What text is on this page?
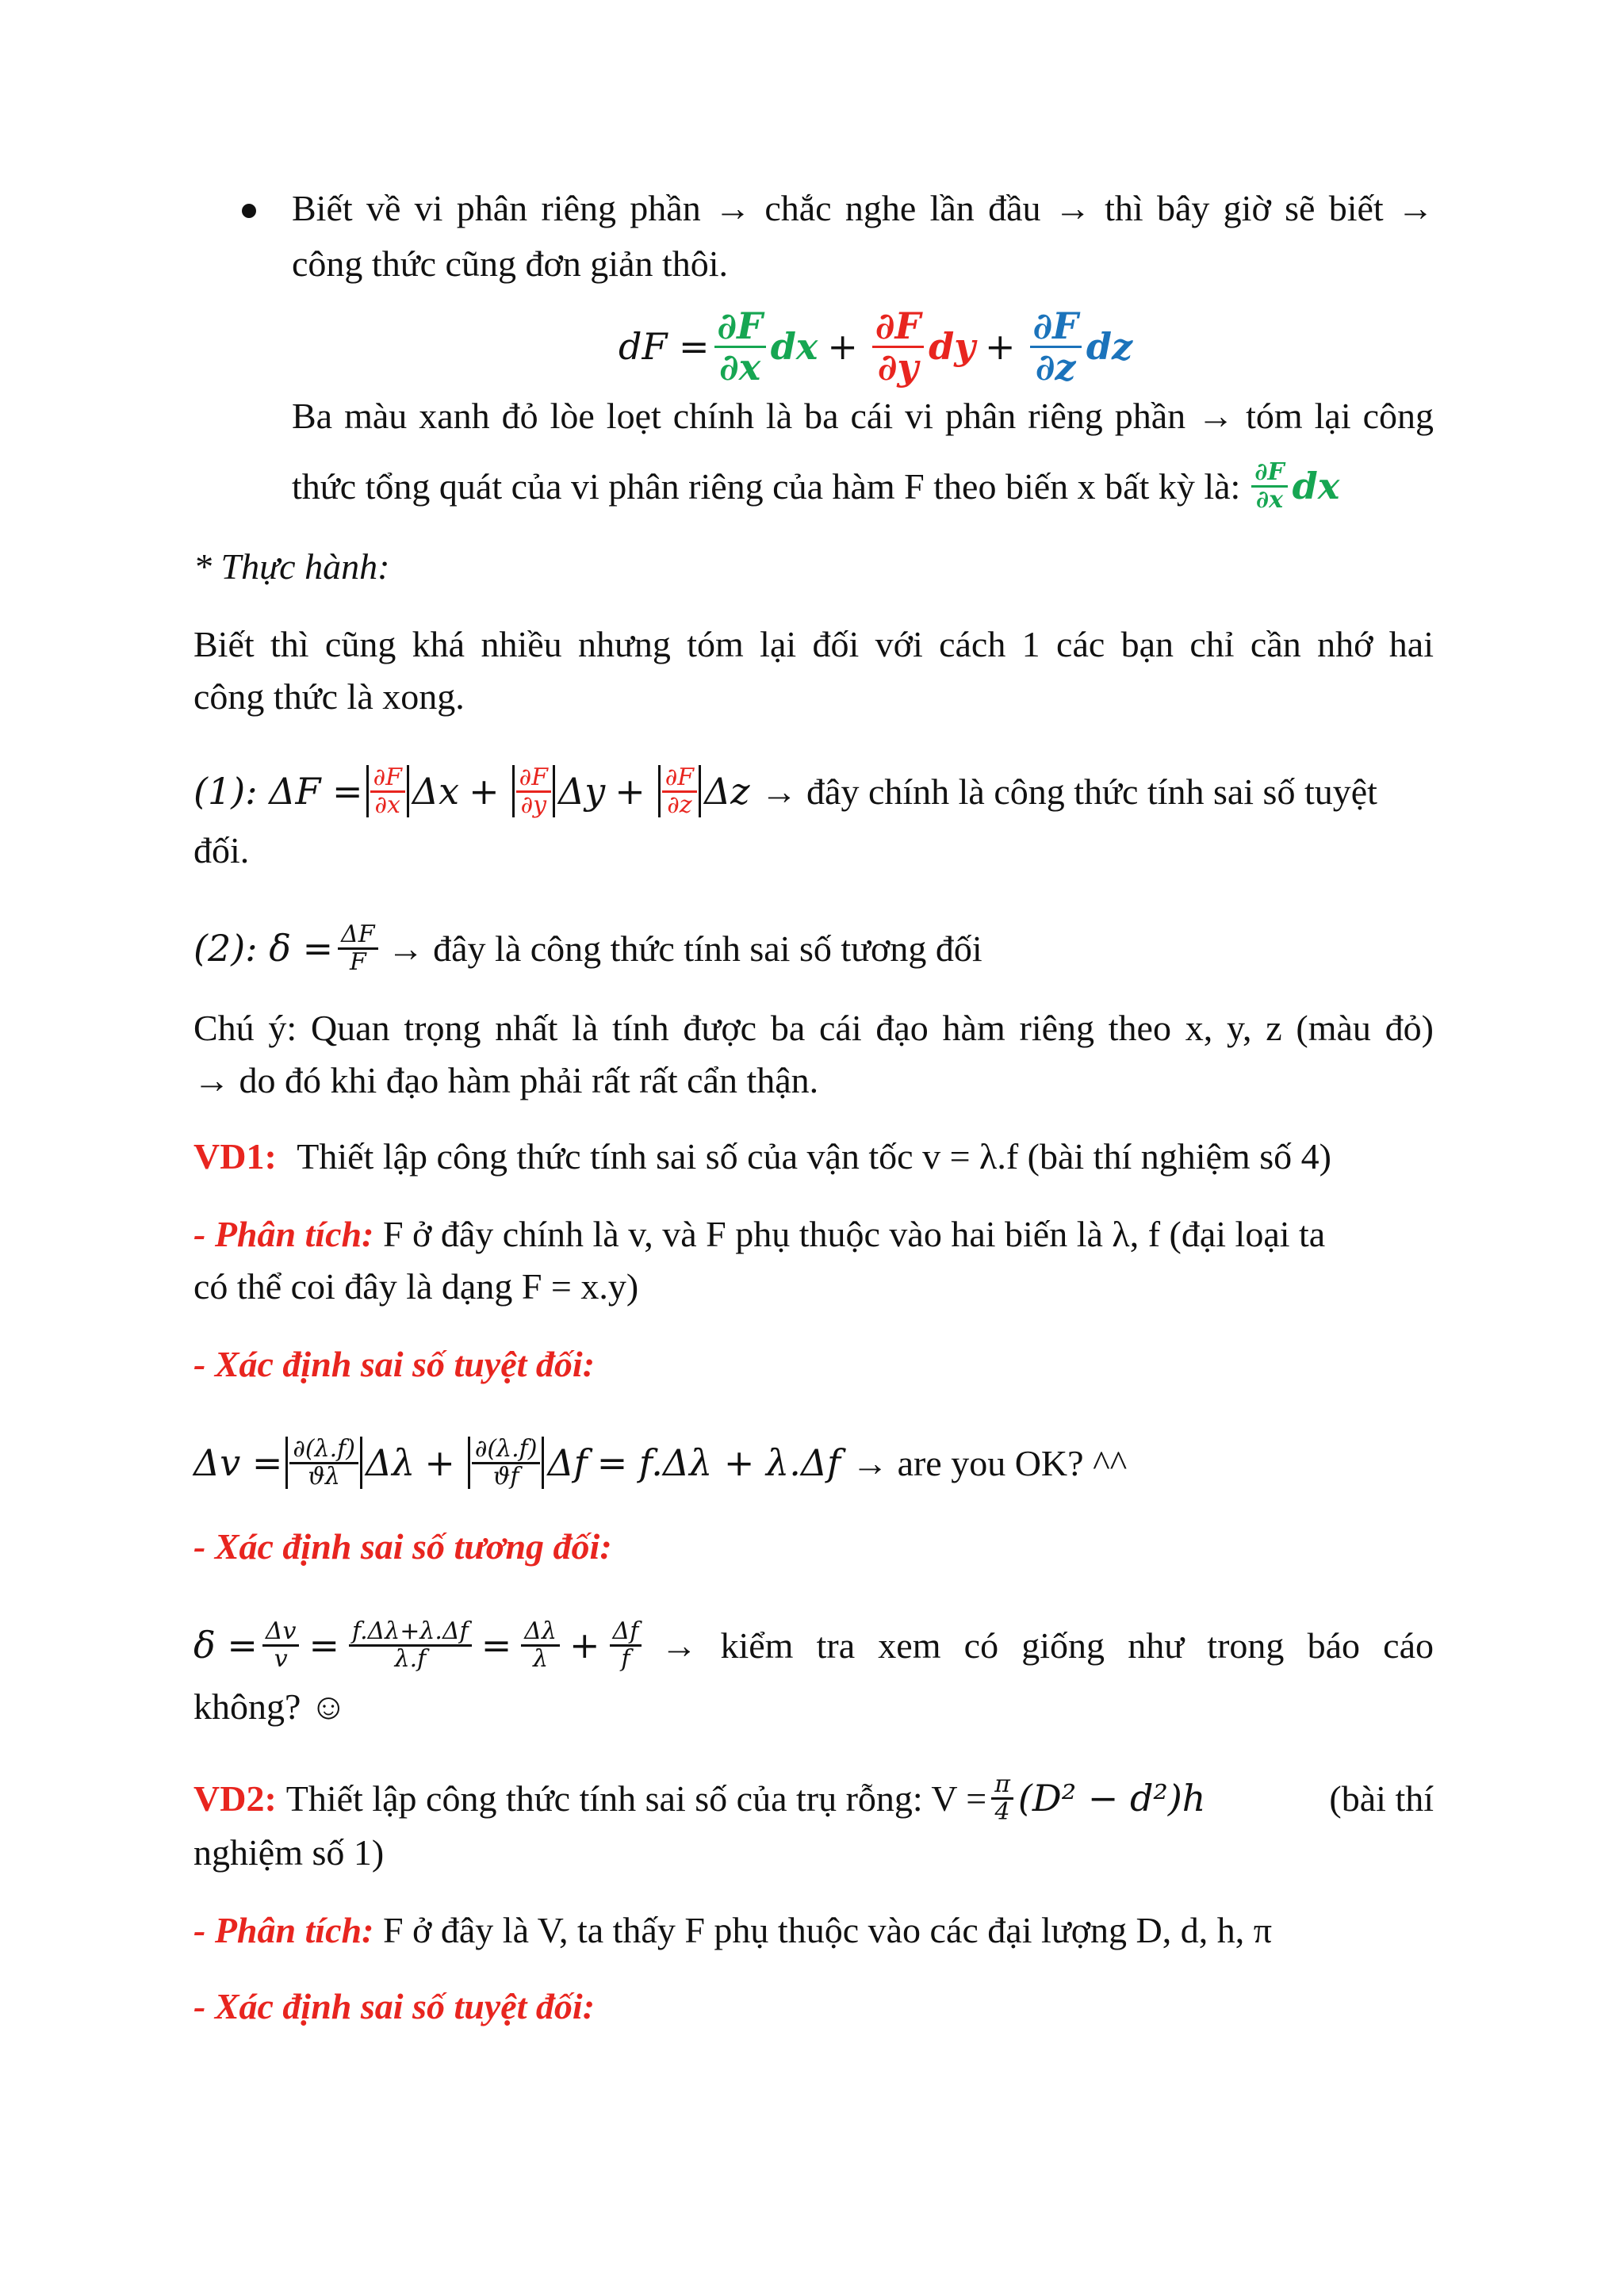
Biết về vi phân riêng phần → chắc nghe lần đầu → thì bây giờ sẽ biết →
công thức cũng đơn giản thôi.
dF = $\frac{\partial F}{\partial x}$ dx + $\frac{\partial F}{\partial y}$ dy + $\frac{\partial F}{\partial z}$ dz
Ba màu xanh đỏ lòe loẹt chính là ba cái vi phân riêng phần → tóm lại công
thức tổng quát của vi phân riêng của hàm F theo biến x bất kỳ là: $\frac{\partial F}{\partial x}$ dx
* Thực hành:
Biết thì cũng khá nhiều nhưng tóm lại đối với cách 1 các bạn chỉ cần nhớ hai
công thức là xong.
(1): $\Delta F = \frac{\partial F}{\partial x}$ $\Delta x + \frac{\partial F}{\partial y}$ $\Delta y + \frac{\partial F}{\partial z}$ Δz → đây chính là công thức tính sai số tuyệt
đối.
(2): $\delta = \frac{\Delta F}{F}$ → đây là công thức tính sai số tương đối
Chú ý: Quan trọng nhất là tính được ba cái đạo hàm riêng theo x, y, z (màu đỏ)
→ do đó khi đạo hàm phải rất rất cẩn thận.
VD1: Thiết lập công thức tính sai số của vận tốc v = λ.f (bài thí nghiệm số 4)
- Phân tích: F ở đây chính là v, và F phụ thuộc vào hai biến là λ, f (đại loại ta
có thể coi đây là dạng F = x.y)
- Xác định sai số tuyệt đối:
$\Delta v = \frac{\partial(\lambda.f)}{ϑ\lambda}$ $\Delta\lambda + \frac{\partial(\lambda.f)}{ϑf}$ Δf = f.Δλ + λ.Δf → are you OK? ^^
- Xác định sai số tương đối:
$\delta = \frac{\Delta v}{v} = \frac{f.\Delta\lambda+\lambda.\Delta f}{\lambda.f} = \frac{\Delta\lambda}{\lambda} + \frac{\Delta f}{f}$ → kiểm tra xem có giống như trong báo cáo
không? ☺
VD2: Thiết lập công thức tính sai số của trụ rỗng: $V = \frac{\pi}{4} (D^2 - d^2)h$	(bài thí
nghiệm số 1)
- Phân tích: F ở đây là V, ta thấy F phụ thuộc vào các đại lượng D, d, h, π
- Xác định sai số tuyệt đối:
